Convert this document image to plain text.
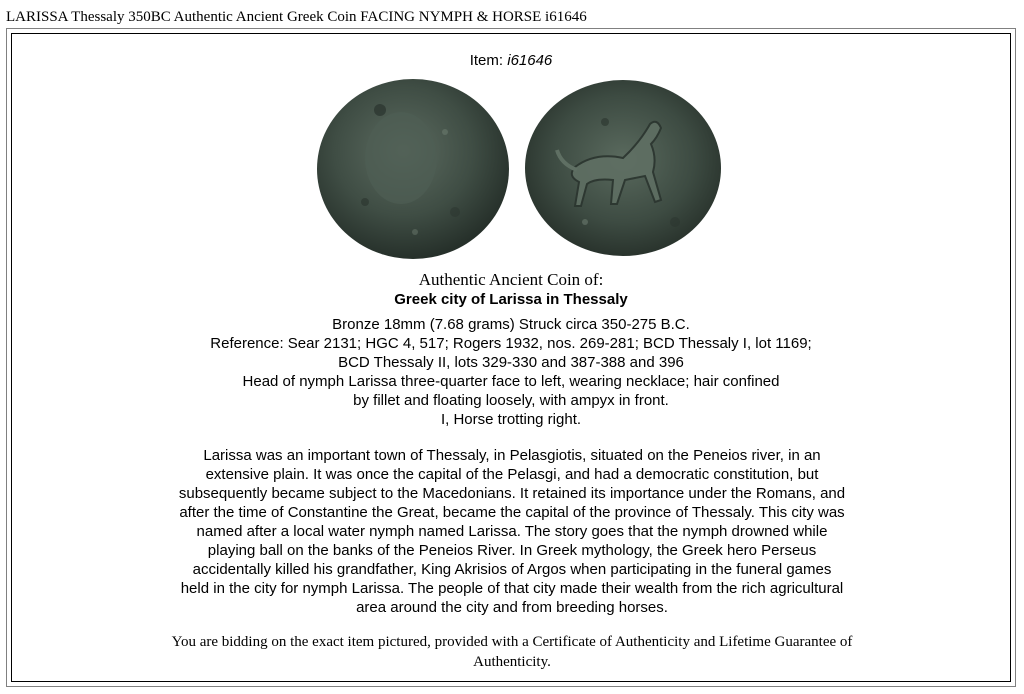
LARISSA Thessaly 350BC Authentic Ancient Greek Coin FACING NYMPH & HORSE i61646
Item: i61646
Authentic Ancient Coin of:
Greek city of Larissa in Thessaly
Bronze 18mm (7.68 grams) Struck circa 350-275 B.C.
Reference: Sear 2131; HGC 4, 517; Rogers 1932, nos. 269-281; BCD Thessaly I, lot 1169;
BCD Thessaly II, lots 329-330 and 387-388 and 396
Head of nymph Larissa three-quarter face to left, wearing necklace; hair confined
by fillet and floating loosely, with ampyx in front.
I, Horse trotting right.
Larissa was an important town of Thessaly, in Pelasgiotis, situated on the Peneios river, in an
extensive plain. It was once the capital of the Pelasgi, and had a democratic constitution, but
subsequently became subject to the Macedonians. It retained its importance under the Romans, and
after the time of Constantine the Great, became the capital of the province of Thessaly. This city was
named after a local water nymph named Larissa. The story goes that the nymph drowned while
playing ball on the banks of the Peneios River. In Greek mythology, the Greek hero Perseus
accidentally killed his grandfather, King Akrisios of Argos when participating in the funeral games
held in the city for nymph Larissa. The people of that city made their wealth from the rich agricultural
area around the city and from breeding horses.
You are bidding on the exact item pictured, provided with a Certificate of Authenticity and Lifetime Guarantee of
Authenticity.
